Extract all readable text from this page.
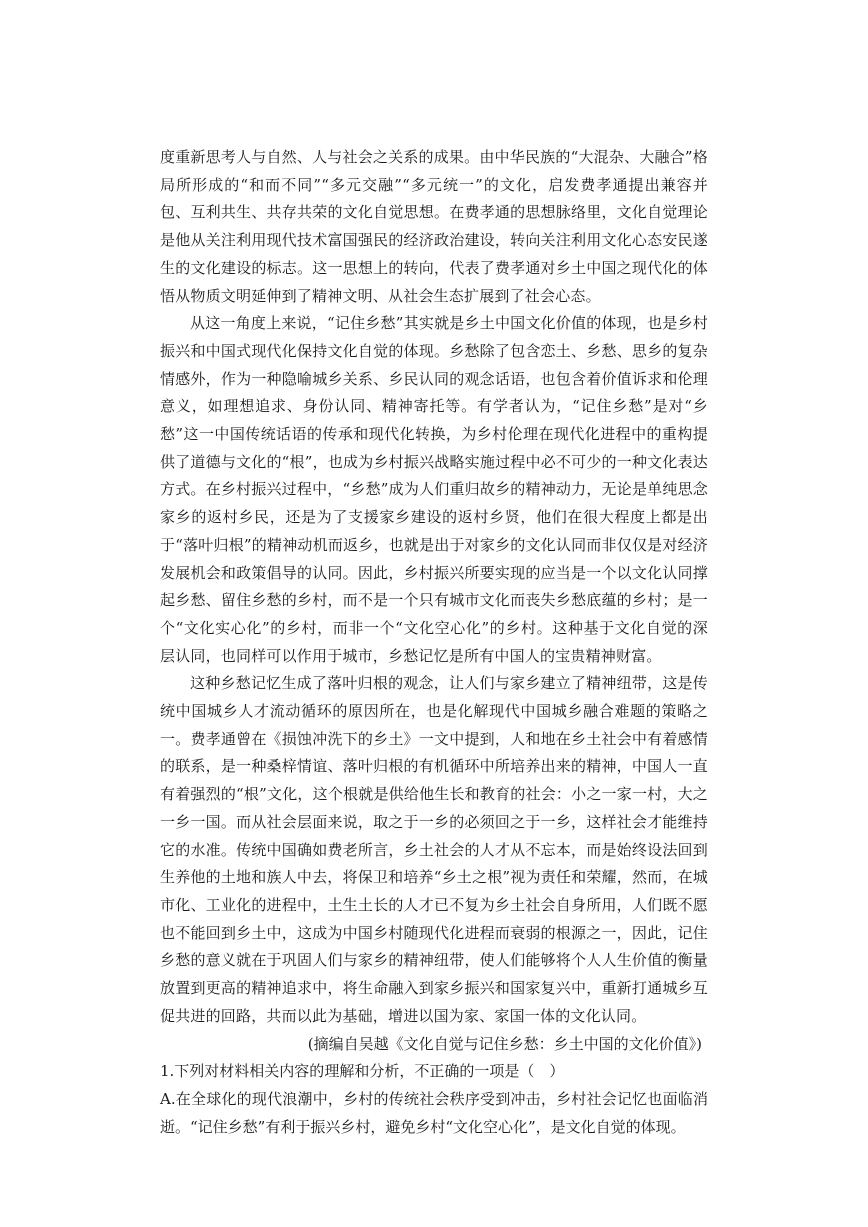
度重新思考人与自然、人与社会之关系的成果。由中华民族的“大混杂、大融合”格局所形成的“和而不同”“多元交融”“多元统一”的文化，启发费孝通提出兼容并包、互利共生、共存共荣的文化自觉思想。在费孝通的思想脉络里，文化自觉理论是他从关注利用现代技术富国强民的经济政治建设，转向关注利用文化心态安民遂生的文化建设的标志。这一思想上的转向，代表了费孝通对乡土中国之现代化的体悟从物质文明延伸到了精神文明、从社会生态扩展到了社会心态。

从这一角度上来说，“记住乡愁”其实就是乡土中国文化价值的体现，也是乡村振兴和中国式现代化保持文化自觉的体现。乡愁除了包含恋土、乡愁、思乡的复杂情感外，作为一种隐喻城乡关系、乡民认同的观念话语，也包含着价值诉求和伦理意义，如理想追求、身份认同、精神寄托等。有学者认为，“记住乡愁”是对“乡愁”这一中国传统话语的传承和现代化转换，为乡村伦理在现代化进程中的重构提供了道德与文化的“根”，也成为乡村振兴战略实施过程中必不可少的一种文化表达方式。在乡村振兴过程中，“乡愁”成为人们重归故乡的精神动力，无论是单纯思念家乡的返村乡民，还是为了支援家乡建设的返村乡贤，他们在很大程度上都是出于“落叶归根”的精神动机而返乡，也就是出于对家乡的文化认同而非仅仅是对经济发展机会和政策倡导的认同。因此，乡村振兴所要实现的应当是一个以文化认同撑起乡愁、留住乡愁的乡村，而不是一个只有城市文化而丧失乡愁底蕴的乡村；是一个“文化实心化”的乡村，而非一个“文化空心化”的乡村。这种基于文化自觉的深层认同，也同样可以作用于城市，乡愁记忆是所有中国人的宝贵精神财富。

这种乡愁记忆生成了落叶归根的观念，让人们与家乡建立了精神纽带，这是传统中国城乡人才流动循环的原因所在，也是化解现代中国城乡融合难题的策略之一。费孝通曾在《损蚀冲洗下的乡土》一文中提到，人和地在乡土社会中有着感情的联系，是一种桑梓情谊、落叶归根的有机循环中所培养出来的精神，中国人一直有着强烈的“根”文化，这个根就是供给他生长和教育的社会：小之一家一村，大之一乡一国。而从社会层面来说，取之于一乡的必须回之于一乡，这样社会才能维持它的水准。传统中国确如费老所言，乡土社会的人才从不忘本，而是始终设法回到生养他的土地和族人中去，将保卫和培养“乡土之根”视为责任和荣耀，然而，在城市化、工业化的进程中，土生土长的人才已不复为乡土社会自身所用，人们既不愿也不能回到乡土中，这成为中国乡村随现代化进程而衰弱的根源之一，因此，记住乡愁的意义就在于巩固人们与家乡的精神纽带，使人们能够将个人人生价值的衡量放置到更高的精神追求中，将生命融入到家乡振兴和国家复兴中，重新打通城乡互促共进的回路，共而以此为基础，增进以国为家、家国一体的文化认同。

(摘编自吴越《文化自觉与记住乡愁：乡土中国的文化价值》)

1.下列对材料相关内容的理解和分析，不正确的一项是（　）

A.在全球化的现代浪潮中，乡村的传统社会秩序受到冲击，乡村社会记忆也面临消逝。“记住乡愁”有利于振兴乡村，避免乡村“文化空心化”，是文化自觉的体现。
